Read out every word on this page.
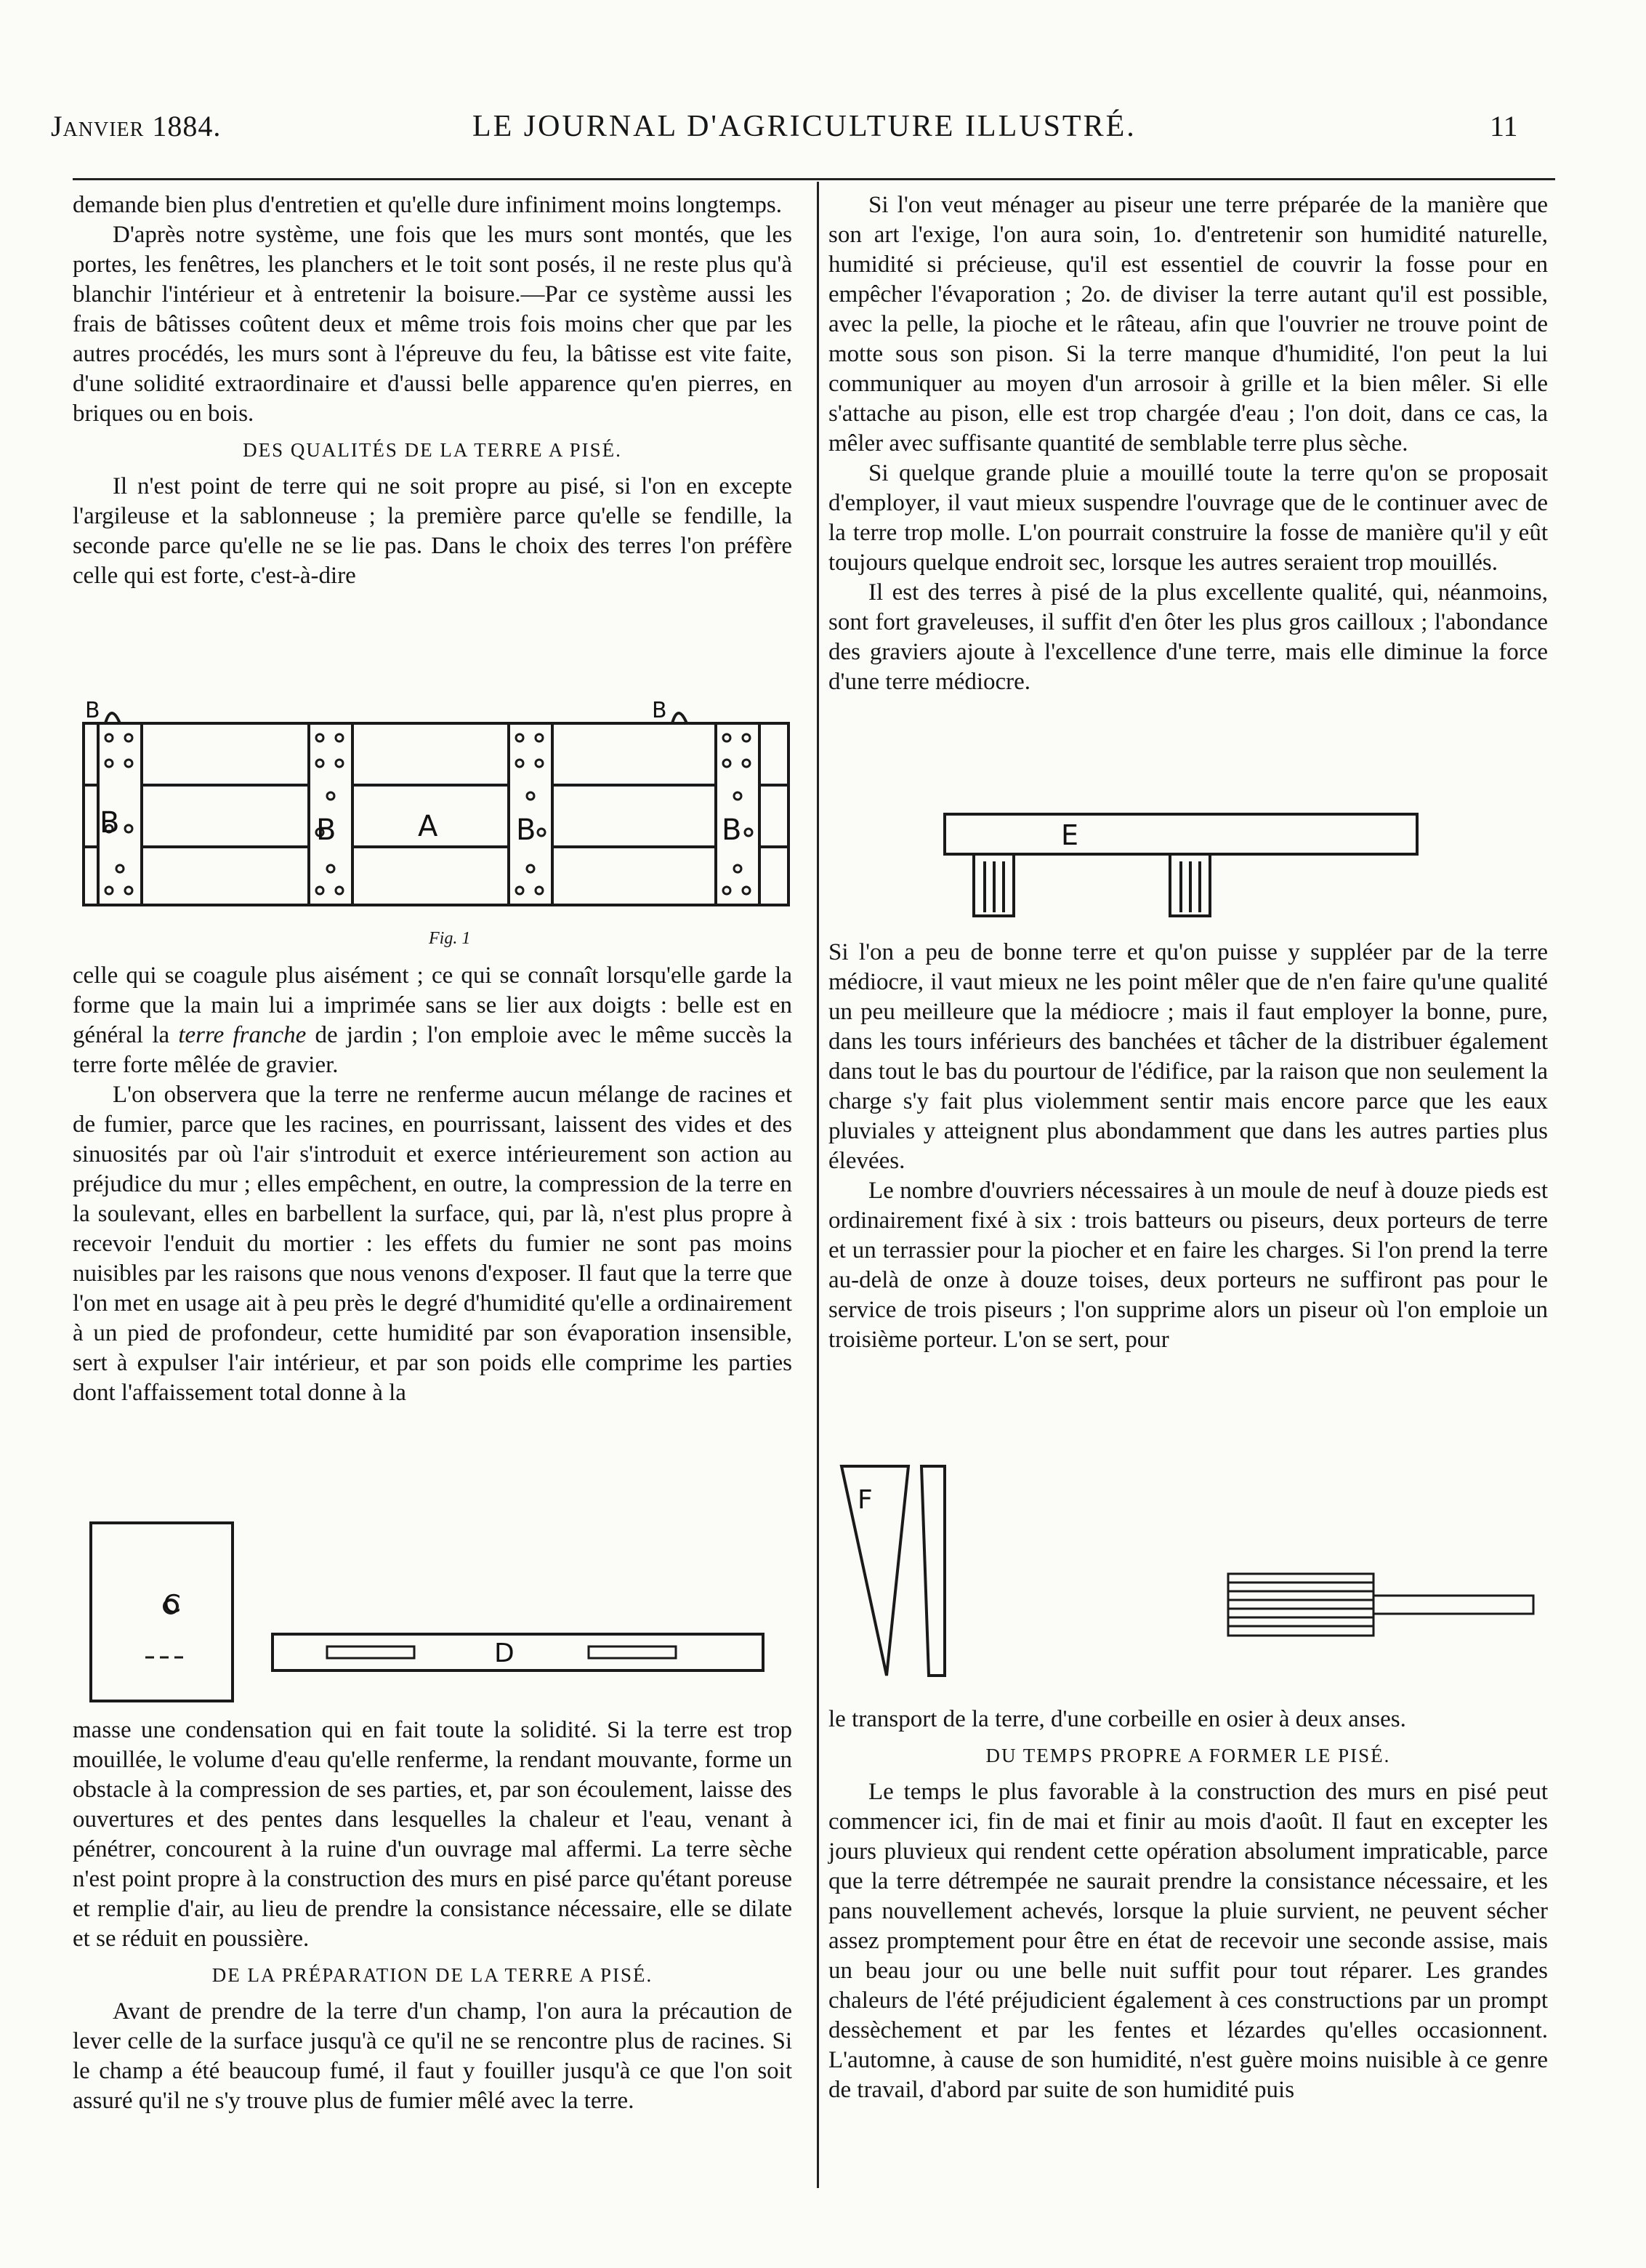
Janvier 1884.	LE JOURNAL D'AGRICULTURE ILLUSTRÉ.	11

demande bien plus d'entretien et qu'elle dure infiniment moins longtemps.

D'après notre système, une fois que les murs sont montés, que les portes, les fenêtres, les planchers et le toit sont posés, il ne reste plus qu'à blanchir l'intérieur et à entretenir la boisure.—Par ce système aussi les frais de bâtisses coûtent deux et même trois fois moins cher que par les autres procédés, les murs sont à l'épreuve du feu, la bâtisse est vite faite, d'une solidité extraordinaire et d'aussi belle apparence qu'en pierres, en briques ou en bois.

DES QUALITÉS DE LA TERRE A PISÉ.

Il n'est point de terre qui ne soit propre au pisé, si l'on en excepte l'argileuse et la sablonneuse ; la première parce qu'elle se fendille, la seconde parce qu'elle ne se lie pas. Dans le choix des terres l'on préfère celle qui est forte, c'est-à-dire

B	B	A	B	B
B	B
Fig. 1

celle qui se coagule plus aisément ; ce qui se connaît lorsqu'elle garde la forme que la main lui a imprimée sans se lier aux doigts : belle est en général la terre franche de jardin ; l'on emploie avec le même succès la terre forte mêlée de gravier.

L'on observera que la terre ne renferme aucun mélange de racines et de fumier, parce que les racines, en pourrissant, laissent des vides et des sinuosités par où l'air s'introduit et exerce intérieurement son action au préjudice du mur ; elles empêchent, en outre, la compression de la terre en la soulevant, elles en barbellent la surface, qui, par là, n'est plus propre à recevoir l'enduit du mortier : les effets du fumier ne sont pas moins nuisibles par les raisons que nous venons d'exposer. Il faut que la terre que l'on met en usage ait à peu près le degré d'humidité qu'elle a ordinairement à un pied de profondeur, cette humidité par son évaporation insensible, sert à expulser l'air intérieur, et par son poids elle comprime les parties dont l'affaissement total donne à la

C
D

masse une condensation qui en fait toute la solidité. Si la terre est trop mouillée, le volume d'eau qu'elle renferme, la rendant mouvante, forme un obstacle à la compression de ses parties, et, par son écoulement, laisse des ouvertures et des pentes dans lesquelles la chaleur et l'eau, venant à pénétrer, concourent à la ruine d'un ouvrage mal affermi. La terre sèche n'est point propre à la construction des murs en pisé parce qu'étant poreuse et remplie d'air, au lieu de prendre la consistance nécessaire, elle se dilate et se réduit en poussière.

DE LA PRÉPARATION DE LA TERRE A PISÉ.

Avant de prendre de la terre d'un champ, l'on aura la précaution de lever celle de la surface jusqu'à ce qu'il ne se rencontre plus de racines. Si le champ a été beaucoup fumé, il faut y fouiller jusqu'à ce que l'on soit assuré qu'il ne s'y trouve plus de fumier mêlé avec la terre.

Si l'on veut ménager au piseur une terre préparée de la manière que son art l'exige, l'on aura soin, 1o. d'entretenir son humidité naturelle, humidité si précieuse, qu'il est essentiel de couvrir la fosse pour en empêcher l'évaporation ; 2o. de diviser la terre autant qu'il est possible, avec la pelle, la pioche et le râteau, afin que l'ouvrier ne trouve point de motte sous son pison. Si la terre manque d'humidité, l'on peut la lui communiquer au moyen d'un arrosoir à grille et la bien mêler. Si elle s'attache au pison, elle est trop chargée d'eau ; l'on doit, dans ce cas, la mêler avec suffisante quantité de semblable terre plus sèche.

Si quelque grande pluie a mouillé toute la terre qu'on se proposait d'employer, il vaut mieux suspendre l'ouvrage que de le continuer avec de la terre trop molle. L'on pourrait construire la fosse de manière qu'il y eût toujours quelque endroit sec, lorsque les autres seraient trop mouillés.

Il est des terres à pisé de la plus excellente qualité, qui, néanmoins, sont fort graveleuses, il suffit d'en ôter les plus gros cailloux ; l'abondance des graviers ajoute à l'excellence d'une terre, mais elle diminue la force d'une terre médiocre.

E

Si l'on a peu de bonne terre et qu'on puisse y suppléer par de la terre médiocre, il vaut mieux ne les point mêler que de n'en faire qu'une qualité un peu meilleure que la médiocre ; mais il faut employer la bonne, pure, dans les tours inférieurs des banchées et tâcher de la distribuer également dans tout le bas du pourtour de l'édifice, par la raison que non seulement la charge s'y fait plus violemment sentir mais encore parce que les eaux pluviales y atteignent plus abondamment que dans les autres parties plus élevées.

Le nombre d'ouvriers nécessaires à un moule de neuf à douze pieds est ordinairement fixé à six : trois batteurs ou piseurs, deux porteurs de terre et un terrassier pour la piocher et en faire les charges. Si l'on prend la terre au-delà de onze à douze toises, deux porteurs ne suffiront pas pour le service de trois piseurs ; l'on supprime alors un piseur où l'on emploie un troisième porteur. L'on se sert, pour

F

le transport de la terre, d'une corbeille en osier à deux anses.

DU TEMPS PROPRE A FORMER LE PISÉ.

Le temps le plus favorable à la construction des murs en pisé peut commencer ici, fin de mai et finir au mois d'août. Il faut en excepter les jours pluvieux qui rendent cette opération absolument impraticable, parce que la terre détrempée ne saurait prendre la consistance nécessaire, et les pans nouvellement achevés, lorsque la pluie survient, ne peuvent sécher assez promptement pour être en état de recevoir une seconde assise, mais un beau jour ou une belle nuit suffit pour tout réparer. Les grandes chaleurs de l'été préjudicient également à ces constructions par un prompt dessèchement et par les fentes et lézardes qu'elles occasionnent. L'automne, à cause de son humidité, n'est guère moins nuisible à ce genre de travail, d'abord par suite de son humidité puis
